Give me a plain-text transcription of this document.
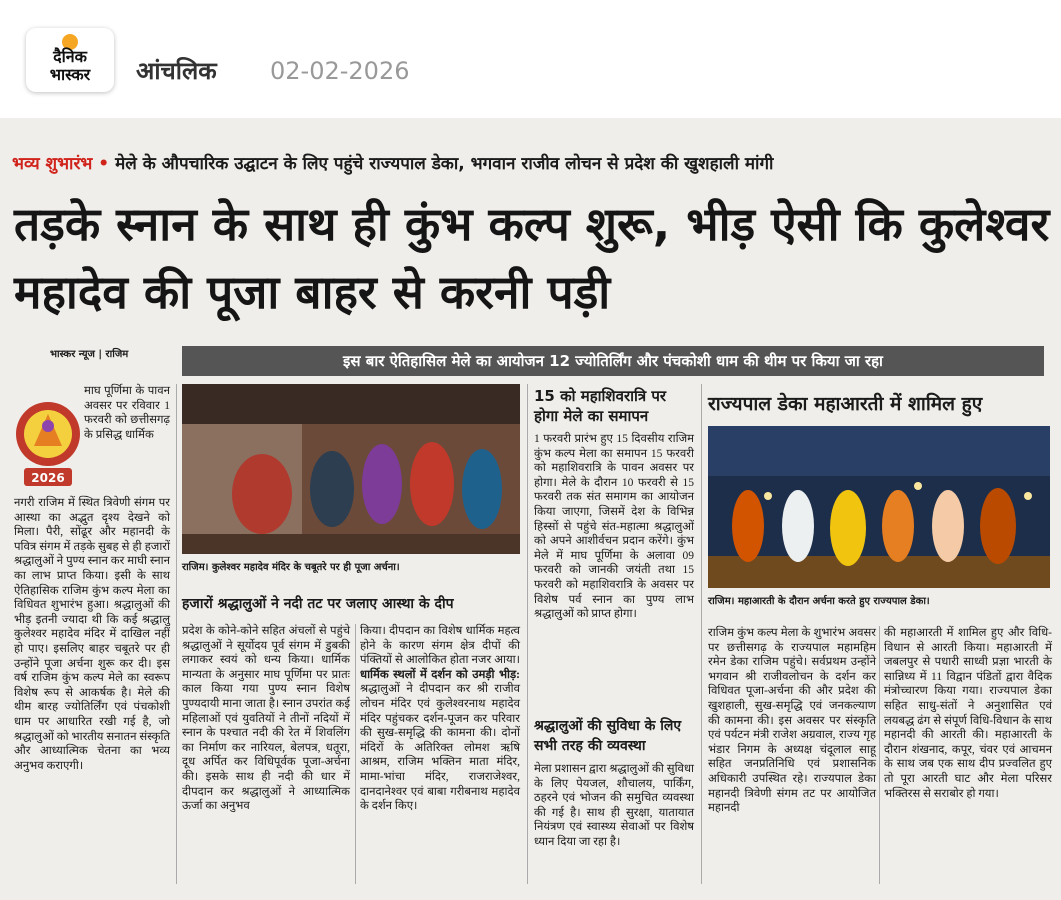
दैनिक
भास्कर	आंचलिक 02-02-2026
भव्य शुभारंभ • मेले के औपचारिक उद्घाटन के लिए पहुंचे राज्यपाल डेका, भगवान राजीव लोचन से प्रदेश की खुशहाली मांगी
तड़के स्नान के साथ ही कुंभ कल्प शुरू, भीड़ ऐसी कि कुलेश्वर महादेव की पूजा बाहर से करनी पड़ी
भास्कर न्यूज | राजिम	इस बार ऐतिहासिल मेले का आयोजन 12 ज्योतिर्लिंग और पंचकोशी धाम की थीम पर किया जा रहा
2026
माघ पूर्णिमा के पावन अवसर पर रविवार 1 फरवरी को छत्तीसगढ़ के प्रसिद्ध धार्मिक
नगरी राजिम में स्थित त्रिवेणी संगम पर आस्था का अद्भुत दृश्य देखने को मिला। पैरी, सोंढूर और महानदी के पवित्र संगम में तड़के सुबह से ही हजारों श्रद्धालुओं ने पुण्य स्नान कर माघी स्नान का लाभ प्राप्त किया। इसी के साथ ऐतिहासिक राजिम कुंभ कल्प मेला का विधिवत शुभारंभ हुआ। श्रद्धालुओं की भीड़ इतनी ज्यादा थी कि कई श्रद्धालु कुलेश्वर महादेव मंदिर में दाखिल नहीं हो पाए। इसलिए बाहर चबूतरे पर ही उन्होंने पूजा अर्चना शुरू कर दी। इस वर्ष राजिम कुंभ कल्प मेले का स्वरूप विशेष रूप से आकर्षक है। मेले की थीम बारह ज्योतिर्लिंग एवं पंचकोशी धाम पर आधारित रखी गई है, जो श्रद्धालुओं को भारतीय सनातन संस्कृति और आध्यात्मिक चेतना का भव्य अनुभव कराएगी।
राजिम। कुलेश्वर महादेव मंदिर के चबूतरे पर ही पूजा अर्चना।
हजारों श्रद्धालुओं ने नदी तट पर जलाए आस्था के दीप
प्रदेश के कोने-कोने सहित अंचलों से पहुंचे श्रद्धालुओं ने सूर्योदय पूर्व संगम में डुबकी लगाकर स्वयं को धन्य किया। धार्मिक मान्यता के अनुसार माघ पूर्णिमा पर प्रातः काल किया गया पुण्य स्नान विशेष पुण्यदायी माना जाता है। स्नान उपरांत कई महिलाओं एवं युवतियों ने तीनों नदियों में स्नान के पश्चात नदी की रेत में शिवलिंग का निर्माण कर नारियल, बेलपत्र, धतूरा, दूध अर्पित कर विधिपूर्वक पूजा-अर्चना की। इसके साथ ही नदी की धार में दीपदान कर श्रद्धालुओं ने आध्यात्मिक ऊर्जा का अनुभव
किया। दीपदान का विशेष धार्मिक महत्व होने के कारण संगम क्षेत्र दीपों की पंक्तियों से आलोकित होता नजर आया। धार्मिक स्थलों में दर्शन को उमड़ी भीड़: श्रद्धालुओं ने दीपदान कर श्री राजीव लोचन मंदिर एवं कुलेश्वरनाथ महादेव मंदिर पहुंचकर दर्शन-पूजन कर परिवार की सुख-समृद्धि की कामना की। दोनों मंदिरों के अतिरिक्त लोमश ऋषि आश्रम, राजिम भक्तिन माता मंदिर, मामा-भांचा मंदिर, राजराजेश्वर, दानदानेश्वर एवं बाबा गरीबनाथ महादेव के दर्शन किए।
15 को महाशिवरात्रि पर होगा मेले का समापन
1 फरवरी प्रारंभ हुए 15 दिवसीय राजिम कुंभ कल्प मेला का समापन 15 फरवरी को महाशिवरात्रि के पावन अवसर पर होगा। मेले के दौरान 10 फरवरी से 15 फरवरी तक संत समागम का आयोजन किया जाएगा, जिसमें देश के विभिन्न हिस्सों से पहुंचे संत-महात्मा श्रद्धालुओं को अपने आशीर्वचन प्रदान करेंगे। कुंभ मेले में माघ पूर्णिमा के अलावा 09 फरवरी को जानकी जयंती तथा 15 फरवरी को महाशिवरात्रि के अवसर पर विशेष पर्व स्नान का पुण्य लाभ श्रद्धालुओं को प्राप्त होगा।
श्रद्धालुओं की सुविधा के लिए सभी तरह की व्यवस्था
मेला प्रशासन द्वारा श्रद्धालुओं की सुविधा के लिए पेयजल, शौचालय, पार्किंग, ठहरने एवं भोजन की समुचित व्यवस्था की गई है। साथ ही सुरक्षा, यातायात नियंत्रण एवं स्वास्थ्य सेवाओं पर विशेष ध्यान दिया जा रहा है।
राज्यपाल डेका महाआरती में शामिल हुए
राजिम। महाआरती के दौरान अर्चना करते हुए राज्यपाल डेका।
राजिम कुंभ कल्प मेला के शुभारंभ अवसर पर छत्तीसगढ़ के राज्यपाल महामहिम रमेन डेका राजिम पहुंचे। सर्वप्रथम उन्होंने भगवान श्री राजीवलोचन के दर्शन कर विधिवत पूजा-अर्चना की और प्रदेश की खुशहाली, सुख-समृद्धि एवं जनकल्याण की कामना की। इस अवसर पर संस्कृति एवं पर्यटन मंत्री राजेश अग्रवाल, राज्य गृह भंडार निगम के अध्यक्ष चंदूलाल साहू सहित जनप्रतिनिधि एवं प्रशासनिक अधिकारी उपस्थित रहे। राज्यपाल डेका महानदी त्रिवेणी संगम तट पर आयोजित महानदी
की महाआरती में शामिल हुए और विधि-विधान से आरती किया। महाआरती में जबलपुर से पधारी साध्वी प्रज्ञा भारती के सान्निध्य में 11 विद्वान पंडितों द्वारा वैदिक मंत्रोच्चारण किया गया। राज्यपाल डेका सहित साधु-संतों ने अनुशासित एवं लयबद्ध ढंग से संपूर्ण विधि-विधान के साथ महानदी की आरती की। महाआरती के दौरान शंखनाद, कपूर, चंवर एवं आचमन के साथ जब एक साथ दीप प्रज्वलित हुए तो पूरा आरती घाट और मेला परिसर भक्तिरस से सराबोर हो गया।
